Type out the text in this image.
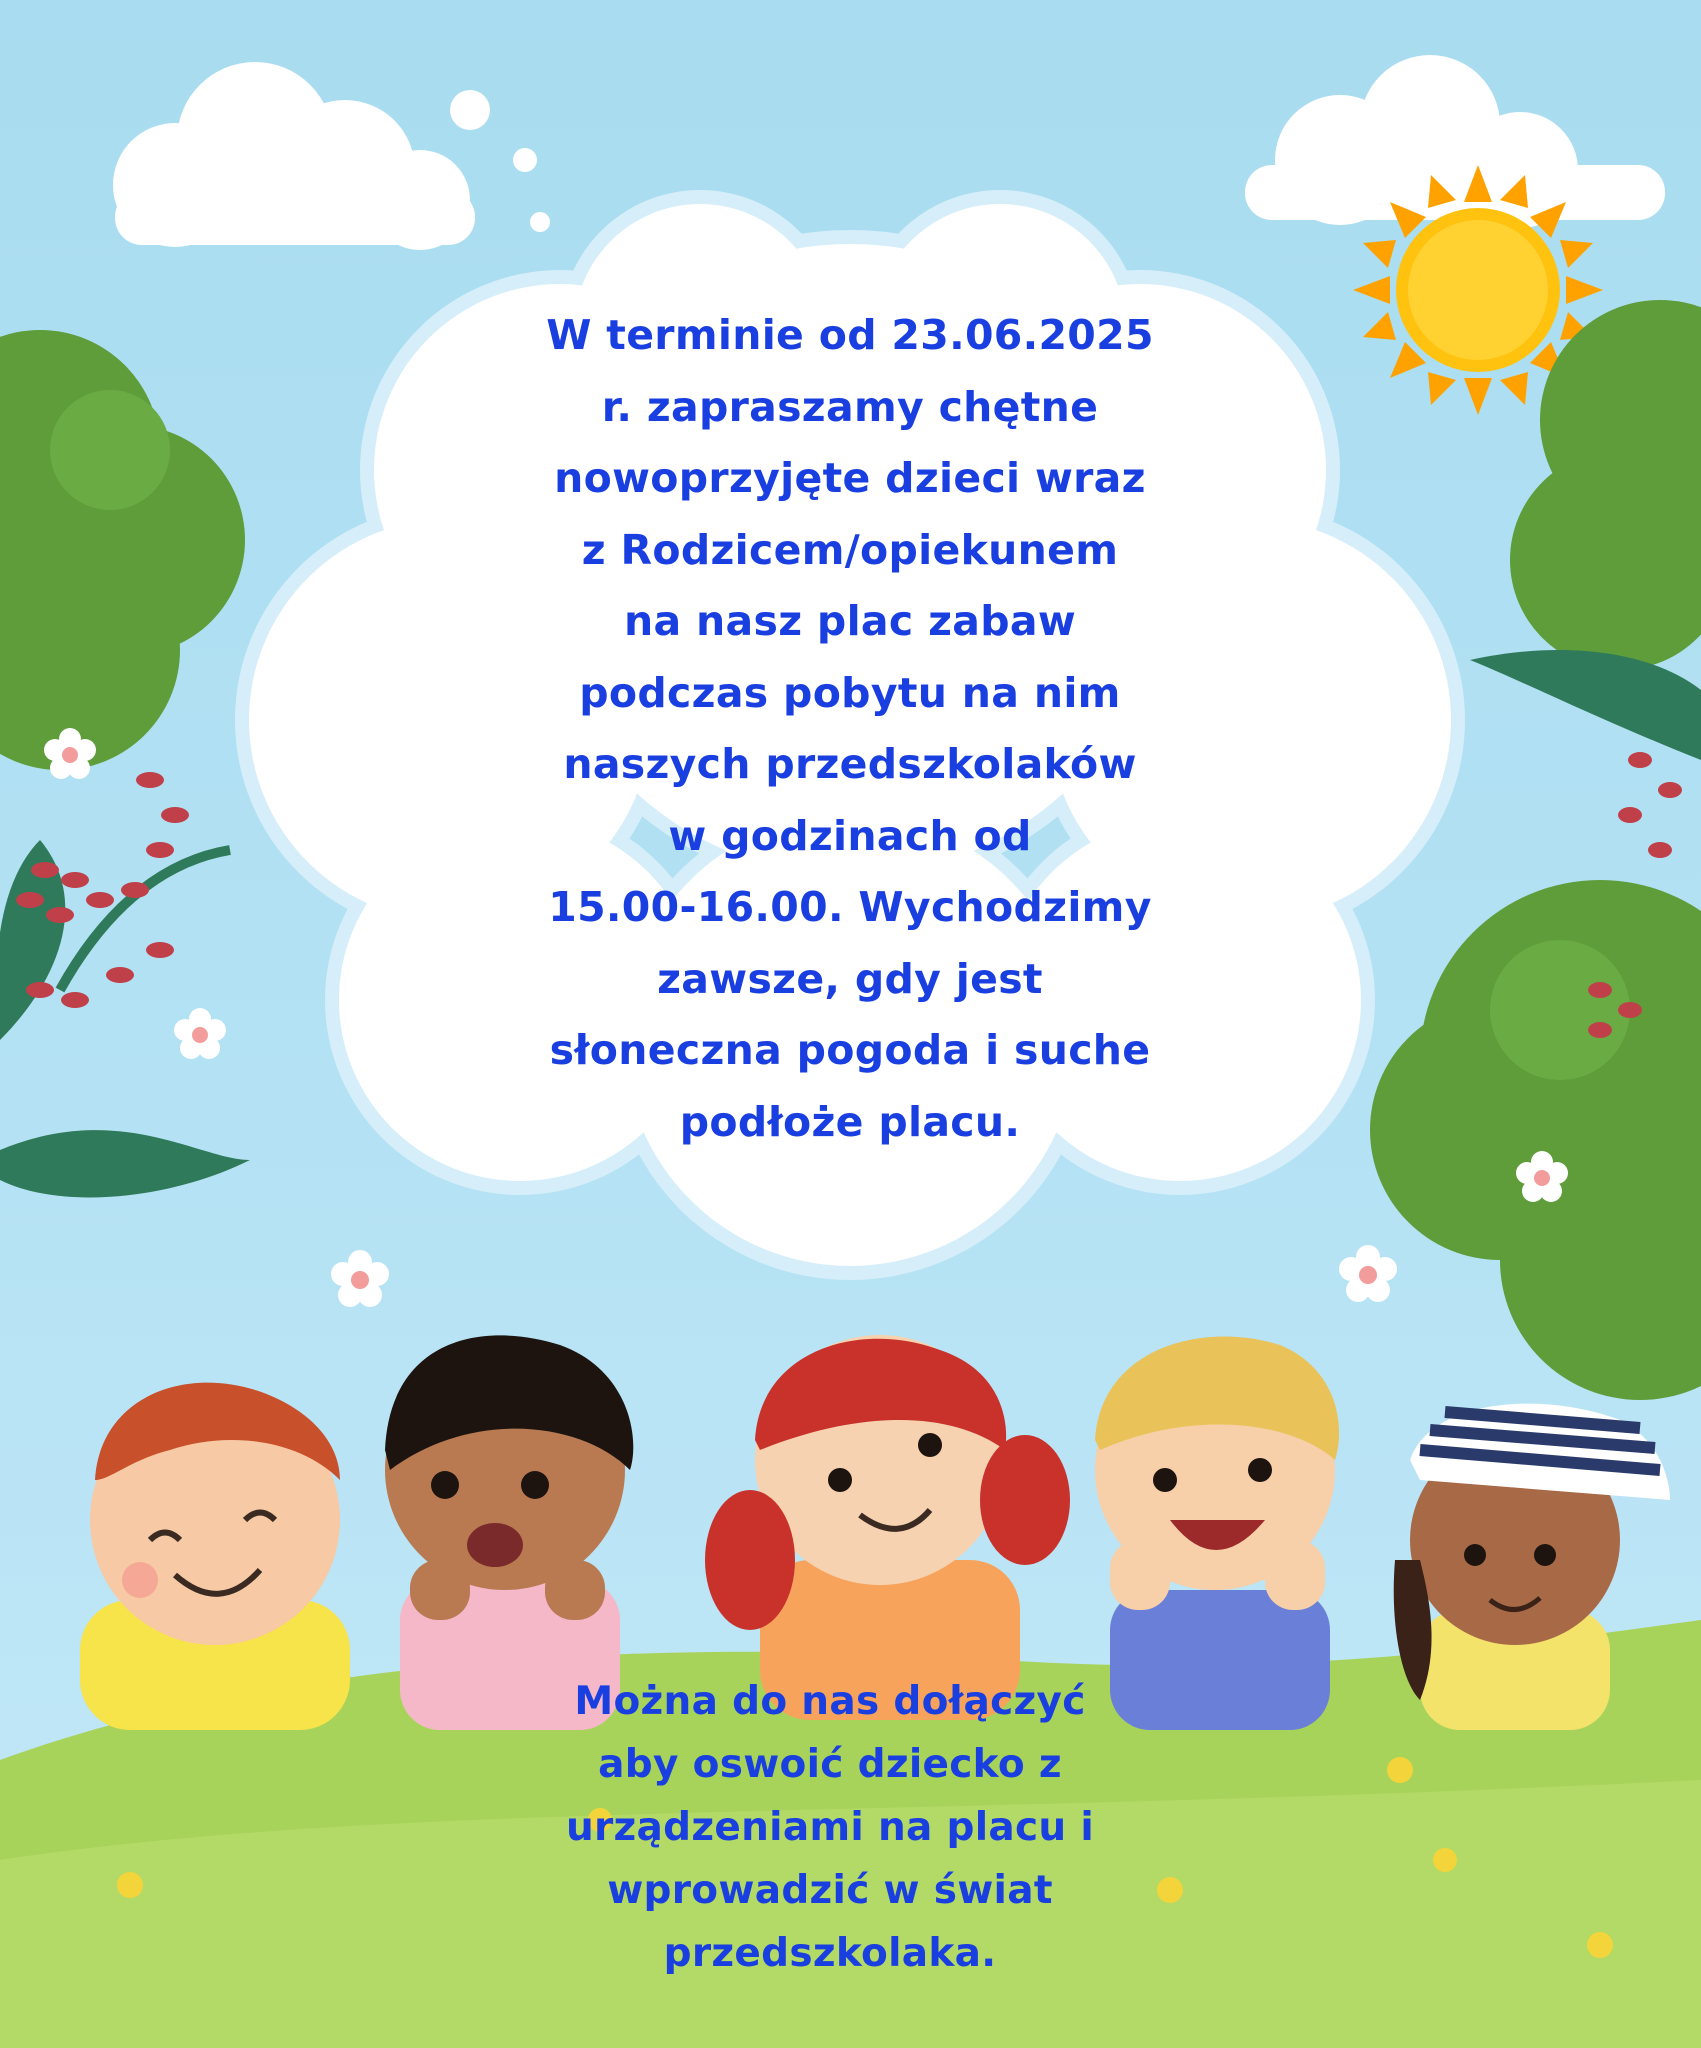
W terminie od 23.06.2025
r. zapraszamy chętne
nowoprzyjęte dzieci wraz
z Rodzicem/opiekunem
na nasz plac zabaw
podczas pobytu na nim
naszych przedszkolaków
w godzinach od
15.00-16.00. Wychodzimy
zawsze, gdy jest
słoneczna pogoda i suche
podłoże placu.

Można do nas dołączyć
aby oswoić dziecko z
urządzeniami na placu i
wprowadzić w świat
przedszkolaka.
